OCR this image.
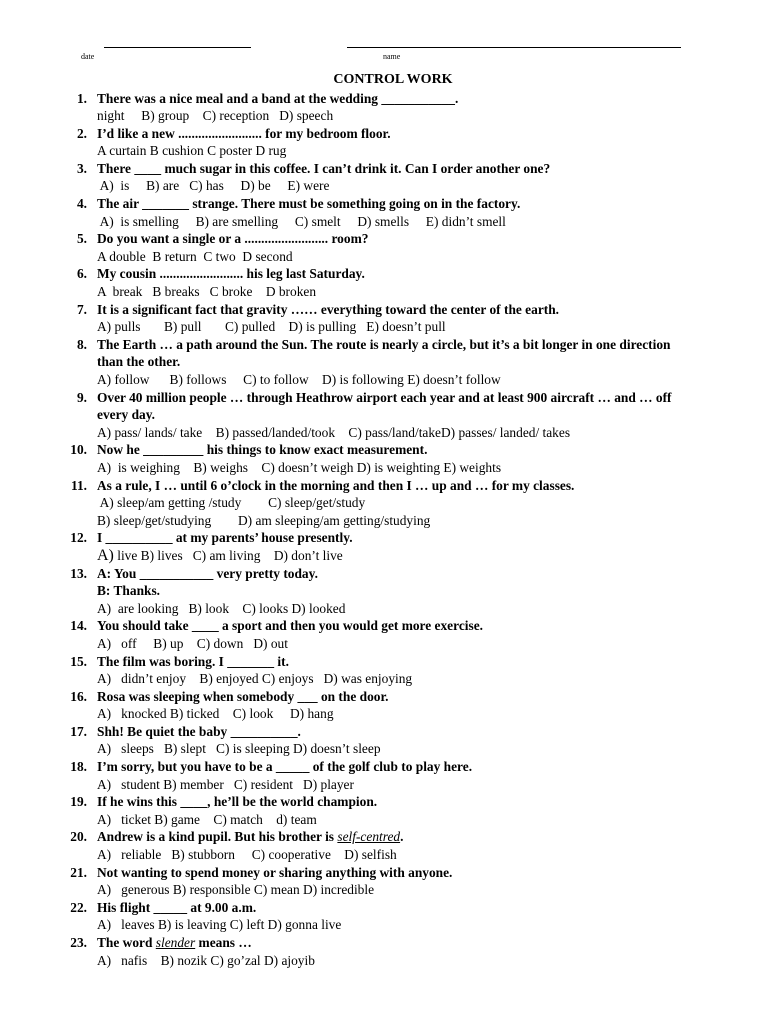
date	name
CONTROL WORK
1. There was a nice meal and a band at the wedding ___________.
night     B) group    C) reception   D) speech
2. I’d like a new ......................... for my bedroom floor.
A curtain B cushion C poster D rug
3. There ____ much sugar in this coffee. I can’t drink it. Can I order another one?
A)  is     B) are   C) has     D) be     E) were
4. The air _______ strange. There must be something going on in the factory.
A)  is smelling     B) are smelling     C) smelt     D) smells     E) didn’t smell
5. Do you want a single or a ......................... room?
A double  B return  C two  D second
6. My cousin ......................... his leg last Saturday.
A  break   B breaks   C broke    D broken
7. It is a significant fact that gravity …… everything toward the center of the earth.
A) pulls       B) pull       C) pulled    D) is pulling   E) doesn’t pull
8. The Earth … a path around the Sun. The route is nearly a circle, but it’s a bit longer in one direction
than the other.
A) follow      B) follows     C) to follow    D) is following E) doesn’t follow
9. Over 40 million people … through Heathrow airport each year and at least 900 aircraft … and … off
every day.
A) pass/ lands/ take    B) passed/landed/took    C) pass/land/takeD) passes/ landed/ takes
10. Now he _________ his things to know exact measurement.
A)  is weighing    B) weighs    C) doesn’t weigh D) is weighting E) weights
11. As a rule, I … until 6 o’clock in the morning and then I … up and … for my classes.
A) sleep/am getting /study        C) sleep/get/study
B) sleep/get/studying        D) am sleeping/am getting/studying
12. I __________ at my parents’ house presently.
A) live B) lives   C) am living    D) don’t live
13. A: You ___________ very pretty today.
B: Thanks.
A)  are looking   B) look    C) looks D) looked
14. You should take ____ a sport and then you would get more exercise.
A)   off     B) up    C) down   D) out
15. The film was boring. I _______ it.
A)   didn’t enjoy    B) enjoyed C) enjoys   D) was enjoying
16. Rosa was sleeping when somebody ___ on the door.
A)   knocked B) ticked    C) look     D) hang
17. Shh! Be quiet the baby __________.
A)   sleeps   B) slept   C) is sleeping D) doesn’t sleep
18. I’m sorry, but you have to be a _____ of the golf club to play here.
A)   student B) member   C) resident   D) player
19. If he wins this ____, he’ll be the world champion.
A)   ticket B) game    C) match    d) team
20. Andrew is a kind pupil. But his brother is self-centred.
A)   reliable   B) stubborn     C) cooperative    D) selfish
21. Not wanting to spend money or sharing anything with anyone.
A)   generous B) responsible C) mean D) incredible
22. His flight _____ at 9.00 a.m.
A)   leaves B) is leaving C) left D) gonna live
23. The word slender means …
A)   nafis    B) nozik C) go’zal D) ajoyib
